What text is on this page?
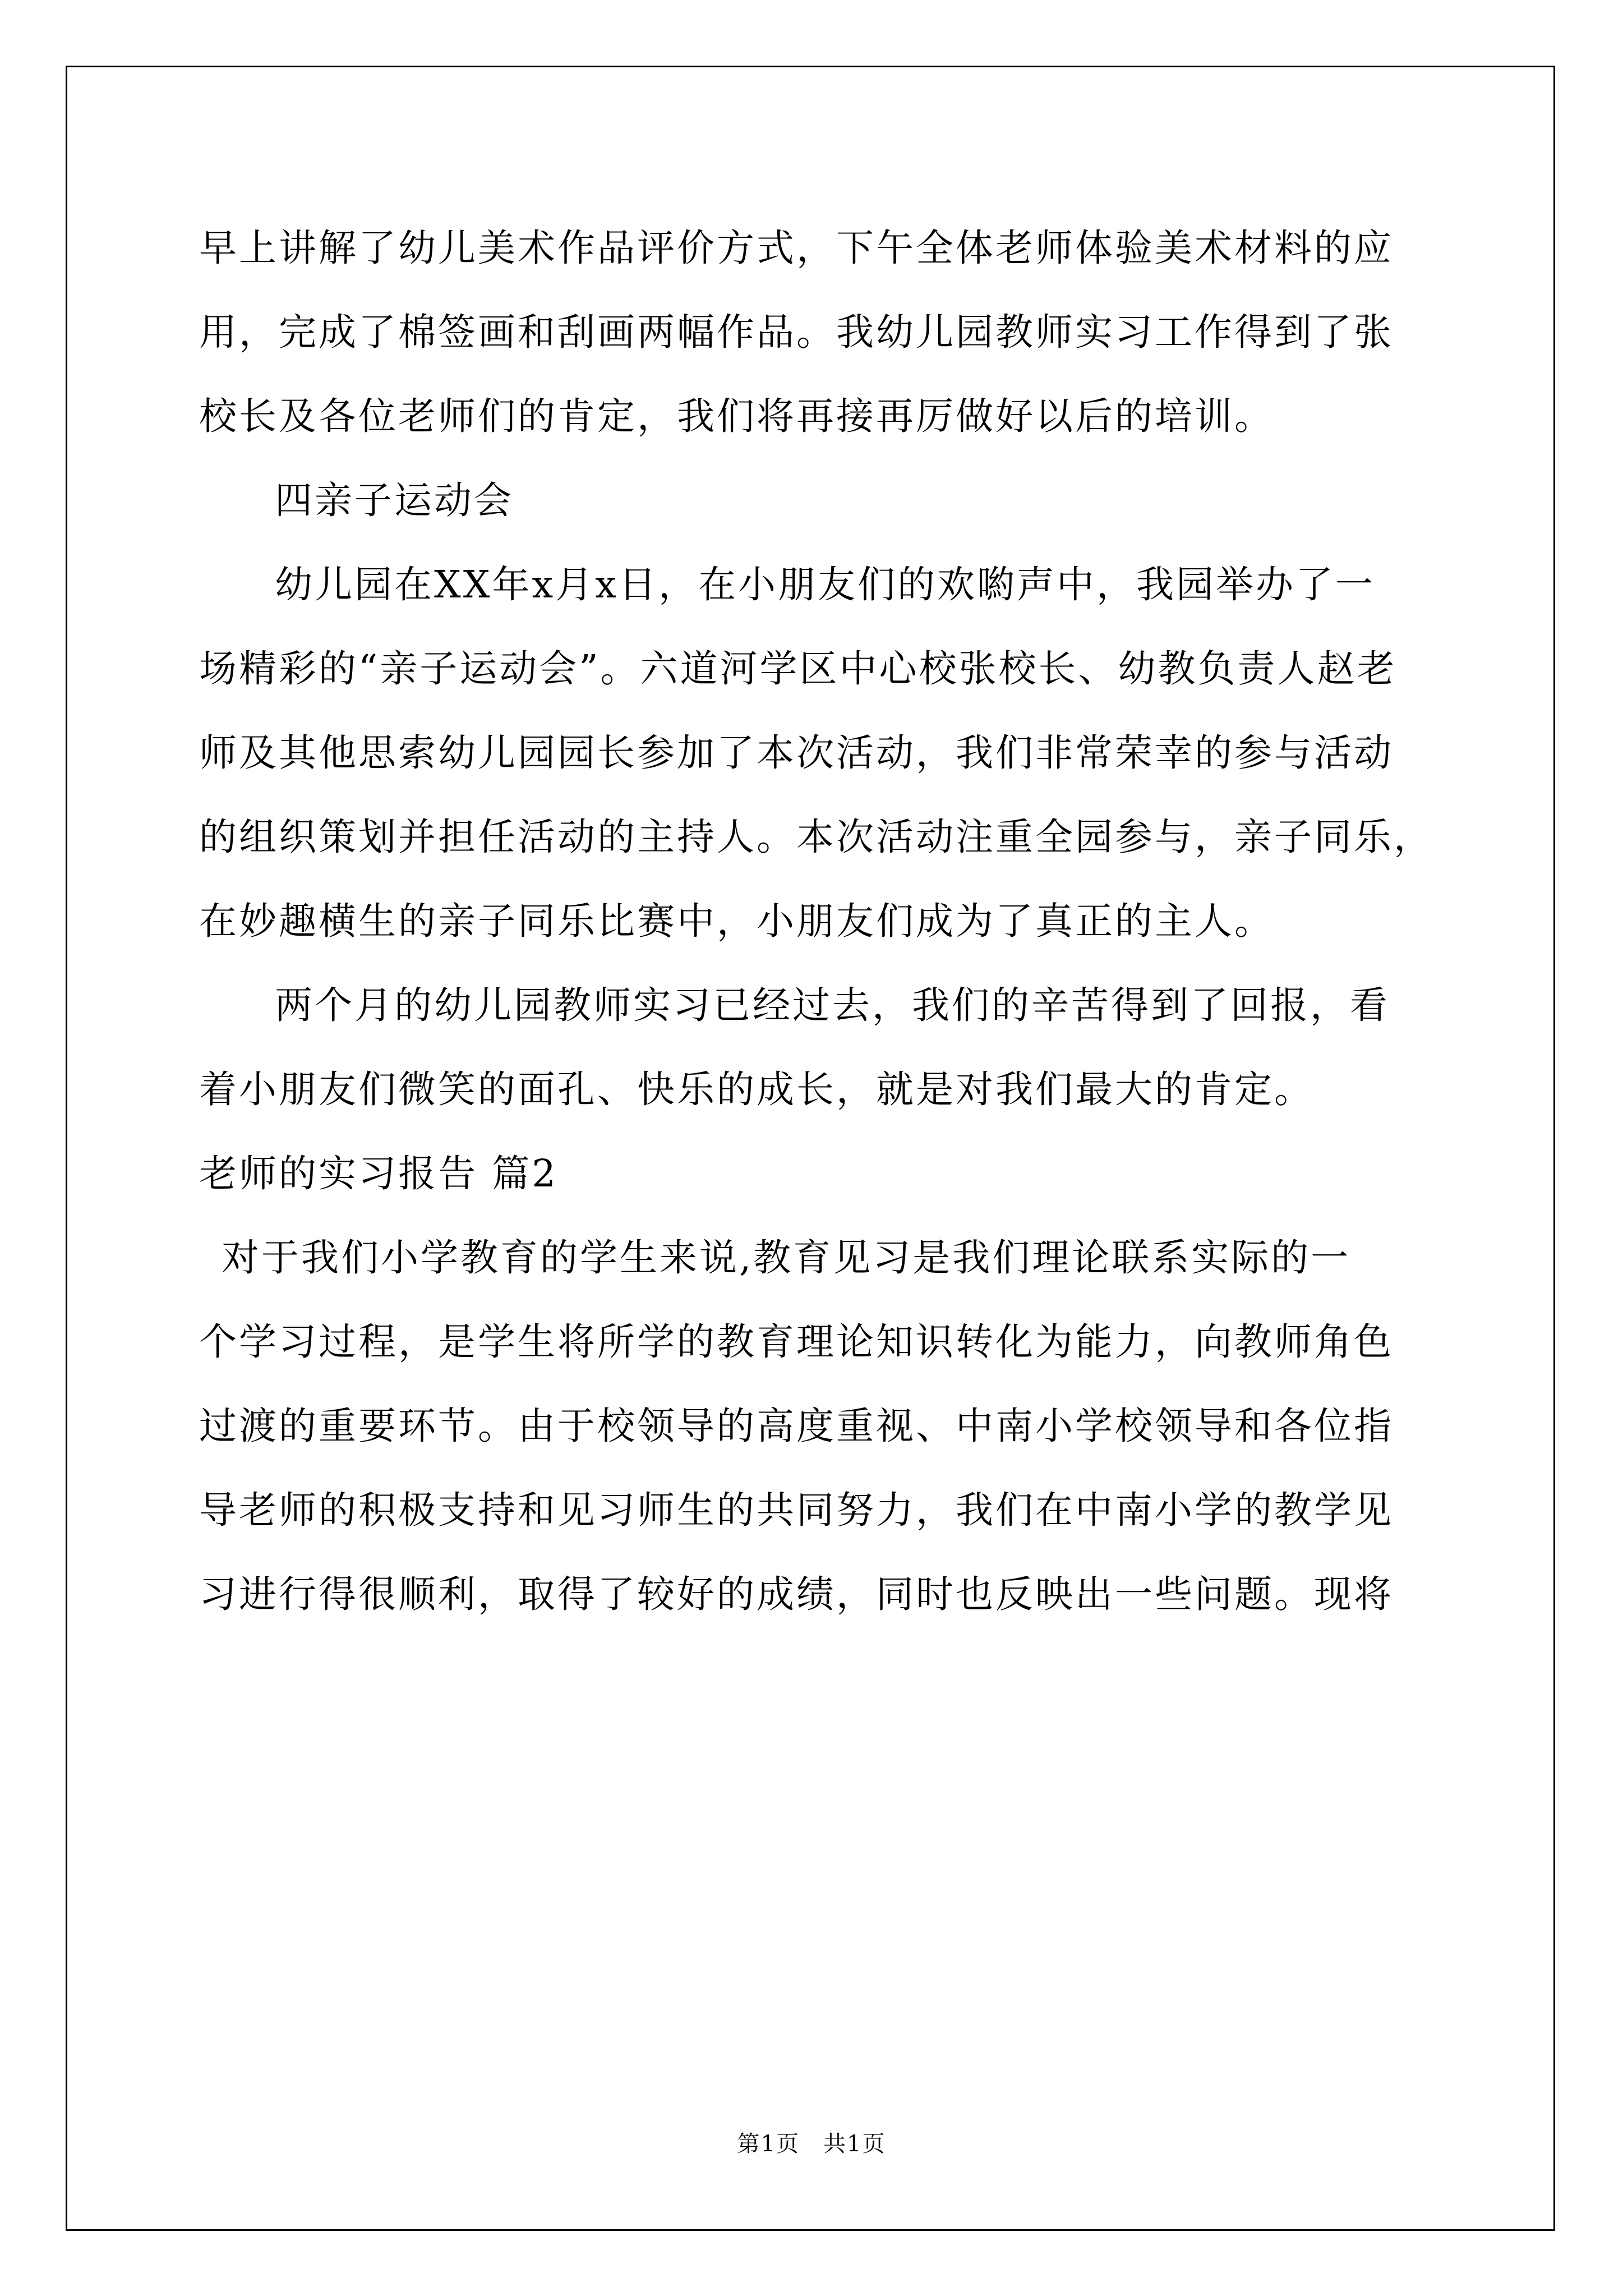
早上讲解了幼儿美术作品评价方式，下午全体老师体验美术材料的应
用，完成了棉签画和刮画两幅作品。我幼儿园教师实习工作得到了张
校长及各位老师们的肯定，我们将再接再厉做好以后的培训。
四亲子运动会
幼儿园在XX年x月x日，在小朋友们的欢喲声中，我园举办了一
场精彩的“亲子运动会”。六道河学区中心校张校长、幼教负责人赵老
师及其他思索幼儿园园长参加了本次活动，我们非常荣幸的参与活动
的组织策划并担任活动的主持人。本次活动注重全园参与，亲子同乐，
在妙趣横生的亲子同乐比赛中，小朋友们成为了真正的主人。
两个月的幼儿园教师实习已经过去，我们的辛苦得到了回报，看
着小朋友们微笑的面孔、快乐的成长，就是对我们最大的肯定。
老师的实习报告 篇2
对于我们小学教育的学生来说,教育见习是我们理论联系实际的一
个学习过程，是学生将所学的教育理论知识转化为能力，向教师角色
过渡的重要环节。由于校领导的高度重视、中南小学校领导和各位指
导老师的积极支持和见习师生的共同努力，我们在中南小学的教学见
习进行得很顺利，取得了较好的成绩，同时也反映出一些问题。现将
第1页　共1页
